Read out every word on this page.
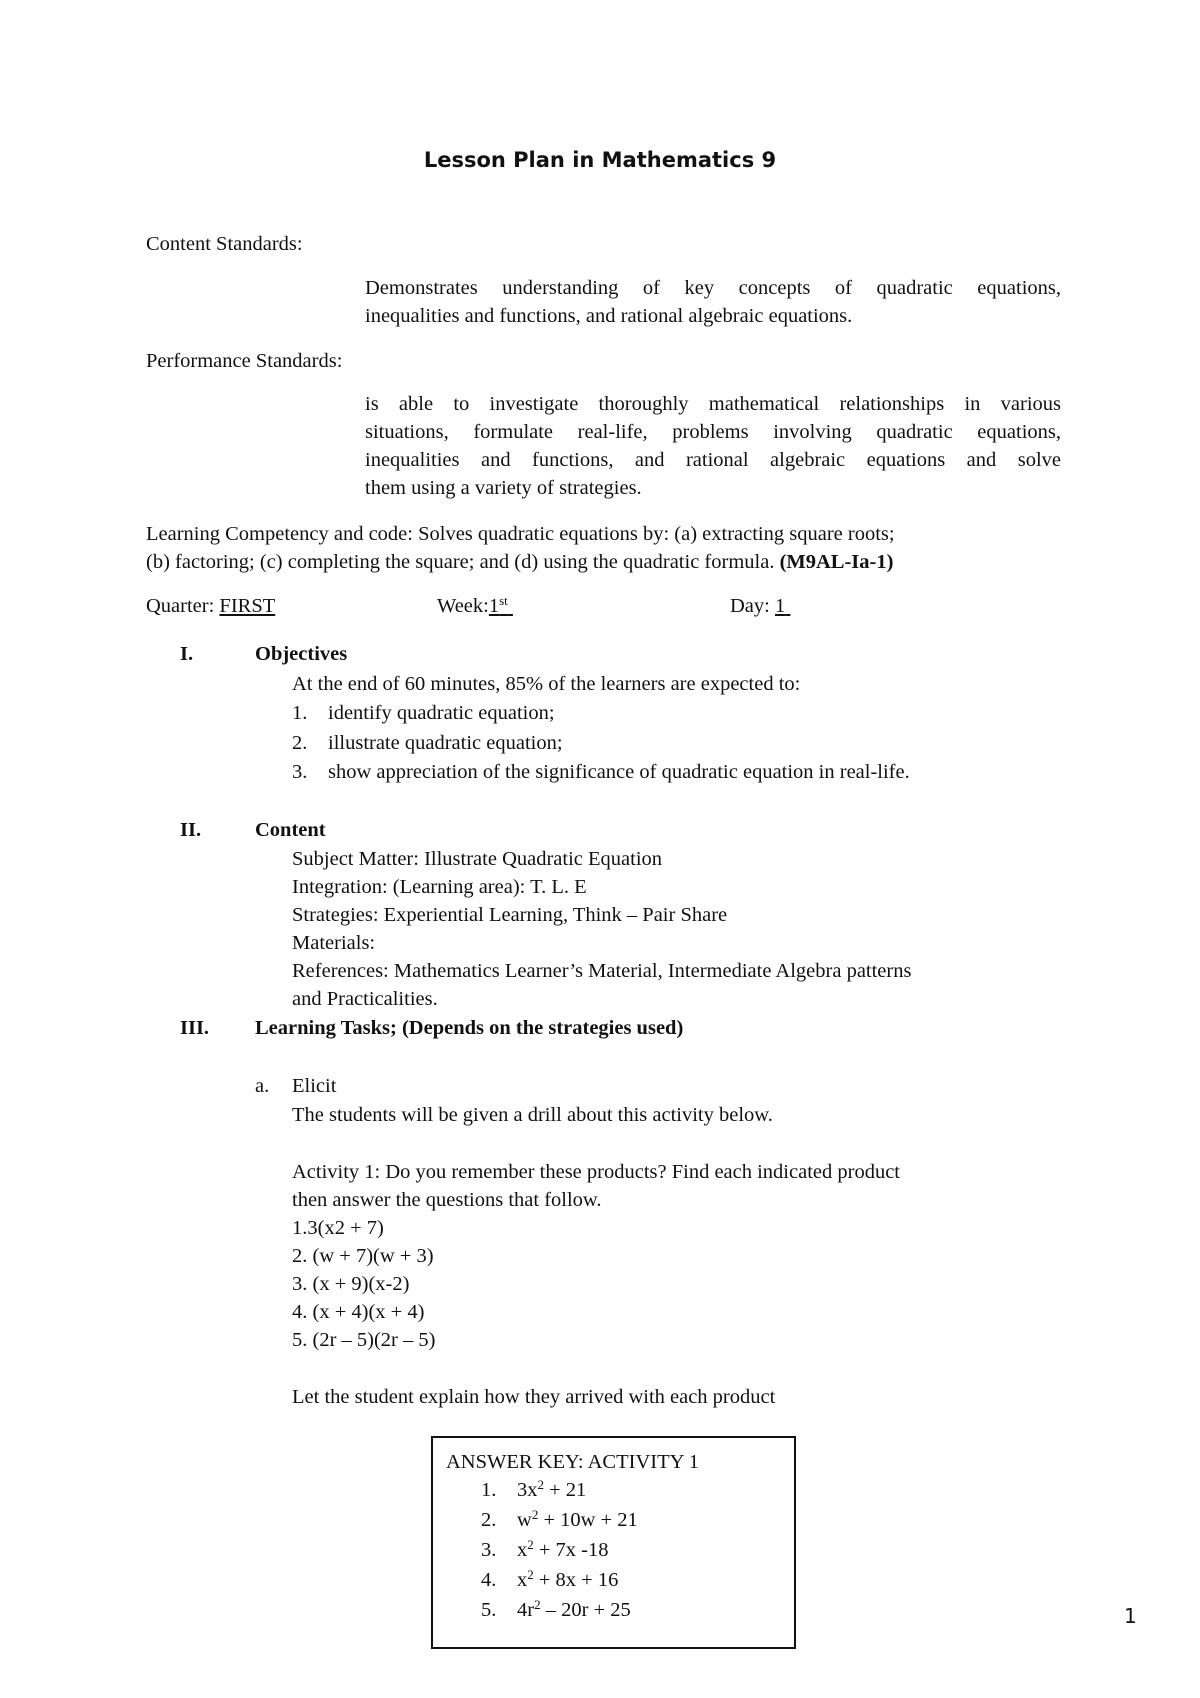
Lesson Plan in Mathematics 9
Content Standards:
Demonstrates understanding of key concepts of quadratic equations,
inequalities and functions, and rational algebraic equations.
Performance Standards:
is able to investigate thoroughly mathematical relationships in various
situations, formulate real-life, problems involving quadratic equations,
inequalities and functions, and rational algebraic equations and solve
them using a variety of strategies.
Learning Competency and code: Solves quadratic equations by: (a) extracting square roots;
(b) factoring; (c) completing the square; and (d) using the quadratic formula. (M9AL-Ia-1)
Quarter: FIRST	Week:1st	Day: 1
I.	Objectives
At the end of 60 minutes, 85% of the learners are expected to:
1. identify quadratic equation;
2. illustrate quadratic equation;
3. show appreciation of the significance of quadratic equation in real-life.
II.	Content
Subject Matter: Illustrate Quadratic Equation
Integration: (Learning area): T. L. E
Strategies: Experiential Learning, Think – Pair Share
Materials:
References: Mathematics Learner’s Material, Intermediate Algebra patterns
and Practicalities.
III. Learning Tasks; (Depends on the strategies used)
a. Elicit
The students will be given a drill about this activity below.
Activity 1: Do you remember these products? Find each indicated product
then answer the questions that follow.
1.3(x2 + 7)
2. (w + 7)(w + 3)
3. (x + 9)(x-2)
4. (x + 4)(x + 4)
5. (2r – 5)(2r – 5)
Let the student explain how they arrived with each product
ANSWER KEY: ACTIVITY 1
1. $3x^2 + 21$
2. $w^2 + 10w + 21$
3. $x^2 + 7x$ -18
4. $x^2 + 8x + 16$
5. $4r^2 - 20r + 25$	1
